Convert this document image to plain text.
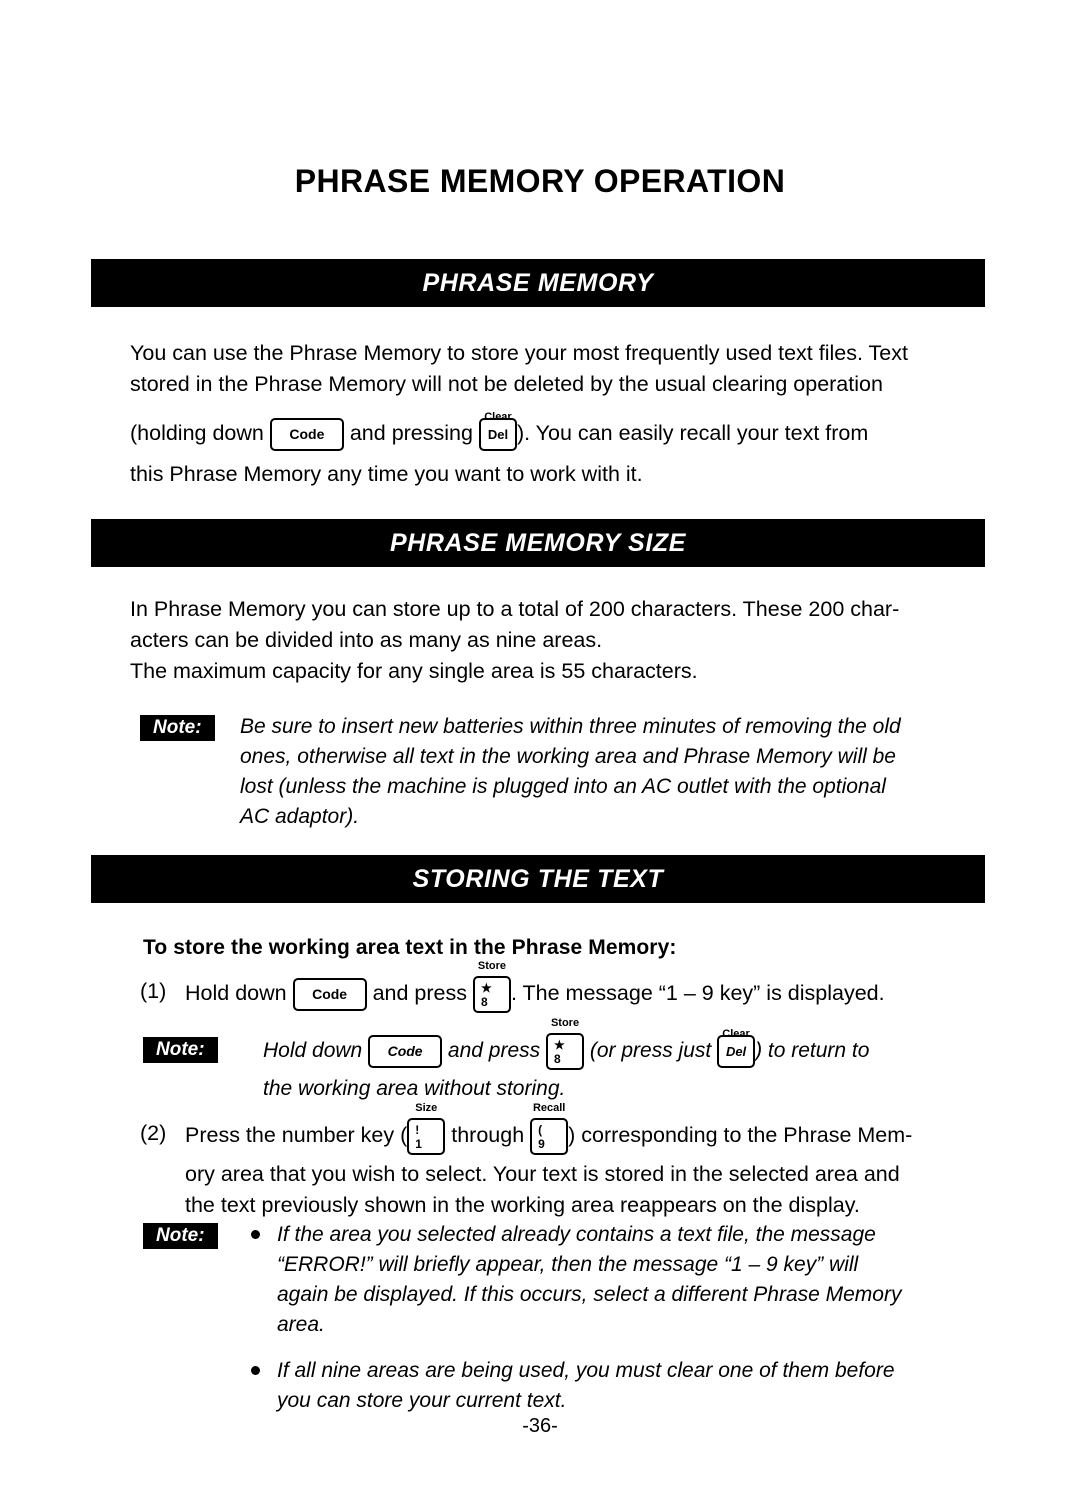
PHRASE MEMORY OPERATION
PHRASE MEMORY
You can use the Phrase Memory to store your most frequently used text files. Text
stored in the Phrase Memory will not be deleted by the usual clearing operation
(holding down Code and pressing
Clear
Del ). You can easily recall your text from
this Phrase Memory any time you want to work with it.
PHRASE MEMORY SIZE
In Phrase Memory you can store up to a total of 200 characters. These 200 char-
acters can be divided into as many as nine areas.
The maximum capacity for any single area is 55 characters.
Note:	Be sure to insert new batteries within three minutes of removing the old
ones, otherwise all text in the working area and Phrase Memory will be
lost (unless the machine is plugged into an AC outlet with the optional
AC adaptor).
STORING THE TEXT
To store the working area text in the Phrase Memory:
(1) Hold down Code and press
Store
★
8	. The message “1 – 9 key” is displayed.
Note:	Hold down Code and press
Store
★
8	(or press just
Clear
Del ) to return to
the working area without storing.
(2) Press the number key (
Size
!
1	through
Recall
(
9	) corresponding to the Phrase Mem-
ory area that you wish to select. Your text is stored in the selected area and
the text previously shown in the working area reappears on the display.
Note:	If the area you selected already contains a text file, the message
“ERROR!” will briefly appear, then the message “1 – 9 key” will
again be displayed. If this occurs, select a different Phrase Memory
area.
If all nine areas are being used, you must clear one of them before
you can store your current text.
-36-
